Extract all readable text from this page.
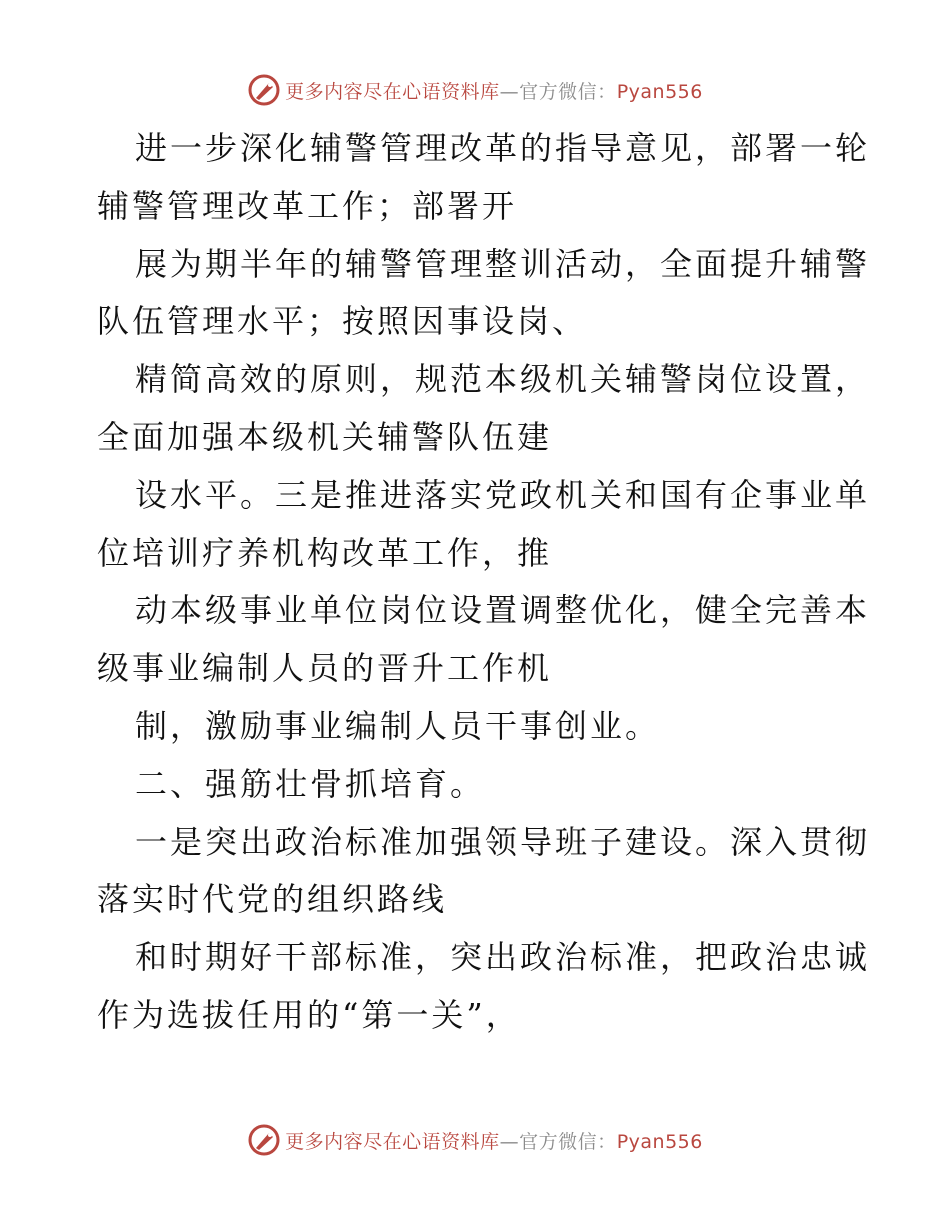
更多内容尽在心语资料库—官方微信：Pyan556
进一步深化辅警管理改革的指导意见，部署一轮
辅警管理改革工作；部署开
展为期半年的辅警管理整训活动，全面提升辅警
队伍管理水平；按照因事设岗、
精简高效的原则，规范本级机关辅警岗位设置，
全面加强本级机关辅警队伍建
设水平。三是推进落实党政机关和国有企事业单
位培训疗养机构改革工作，推
动本级事业单位岗位设置调整优化，健全完善本
级事业编制人员的晋升工作机
制，激励事业编制人员干事创业。
二、强筋壮骨抓培育。
一是突出政治标准加强领导班子建设。深入贯彻
落实时代党的组织路线
和时期好干部标准，突出政治标准，把政治忠诚
作为选拔任用的“第一关”，
更多内容尽在心语资料库—官方微信：Pyan556
